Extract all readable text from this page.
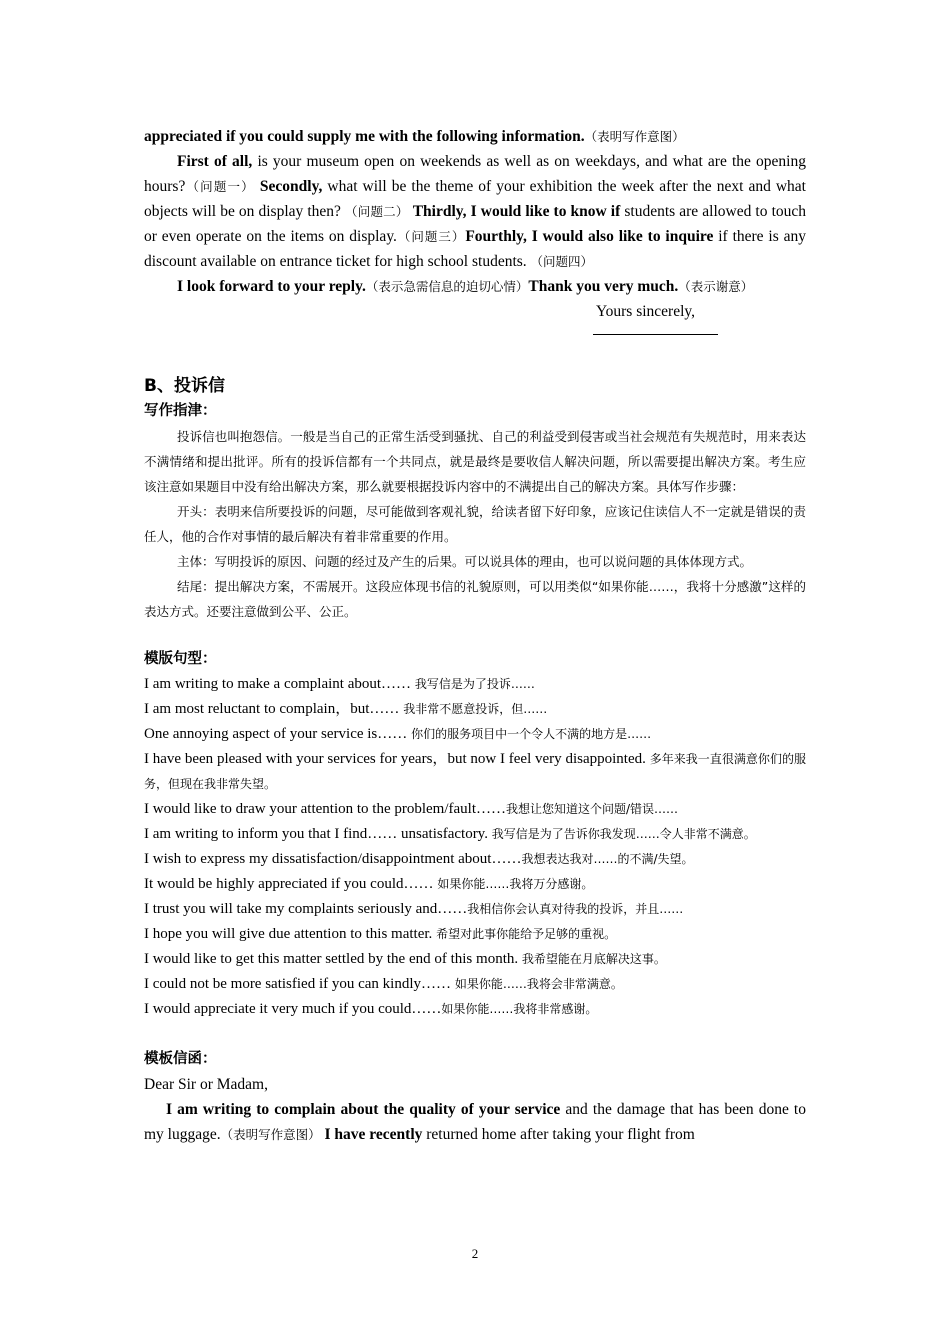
appreciated if you could supply me with the following information.（表明写作意图）

First of all, is your museum open on weekends as well as on weekdays, and what are the opening hours?（问题一） Secondly, what will be the theme of your exhibition the week after the next and what objects will be on display then? （问题二） Thirdly, I would like to know if students are allowed to touch or even operate on the items on display.（问题三）Fourthly, I would also like to inquire if there is any discount available on entrance ticket for high school students. （问题四）

I look forward to your reply.（表示急需信息的迫切心情）Thank you very much.（表示谢意）

Yours sincerely,

B、投诉信

写作指津：

投诉信也叫抱怨信。一般是当自己的正常生活受到骚扰、自己的利益受到侵害或当社会规范有失规范时，用来表达不满情绪和提出批评。所有的投诉信都有一个共同点，就是最终是要收信人解决问题，所以需要提出解决方案。考生应该注意如果题目中没有给出解决方案，那么就要根据投诉内容中的不满提出自己的解决方案。具体写作步骤：

开头：表明来信所要投诉的问题，尽可能做到客观礼貌，给读者留下好印象，应该记住读信人不一定就是错误的责任人，他的合作对事情的最后解决有着非常重要的作用。

主体：写明投诉的原因、问题的经过及产生的后果。可以说具体的理由，也可以说问题的具体体现方式。

结尾：提出解决方案，不需展开。这段应体现书信的礼貌原则，可以用类似“如果你能……，我将十分感激”这样的表达方式。还要注意做到公平、公正。

模版句型：

I am writing to make a complaint about…… 我写信是为了投诉……

I am most reluctant to complain，but…… 我非常不愿意投诉，但……

One annoying aspect of your service is…… 你们的服务项目中一个令人不满的地方是……

I have been pleased with your services for years，but now I feel very disappointed. 多年来我一直很满意你们的服务，但现在我非常失望。

I would like to draw your attention to the problem/fault……我想让您知道这个问题/错误……

I am writing to inform you that I find…… unsatisfactory. 我写信是为了告诉你我发现……令人非常不满意。

I wish to express my dissatisfaction/disappointment about……我想表达我对……的不满/失望。

It would be highly appreciated if you could…… 如果你能……我将万分感谢。

I trust you will take my complaints seriously and……我相信你会认真对待我的投诉，并且……

I hope you will give due attention to this matter. 希望对此事你能给予足够的重视。

I would like to get this matter settled by the end of this month. 我希望能在月底解决这事。

I could not be more satisfied if you can kindly…… 如果你能……我将会非常满意。

I would appreciate it very much if you could……如果你能……我将非常感谢。

模板信函：

Dear Sir or Madam,

I am writing to complain about the quality of your service and the damage that has been done to my luggage.（表明写作意图） I have recently returned home after taking your flight from

2
